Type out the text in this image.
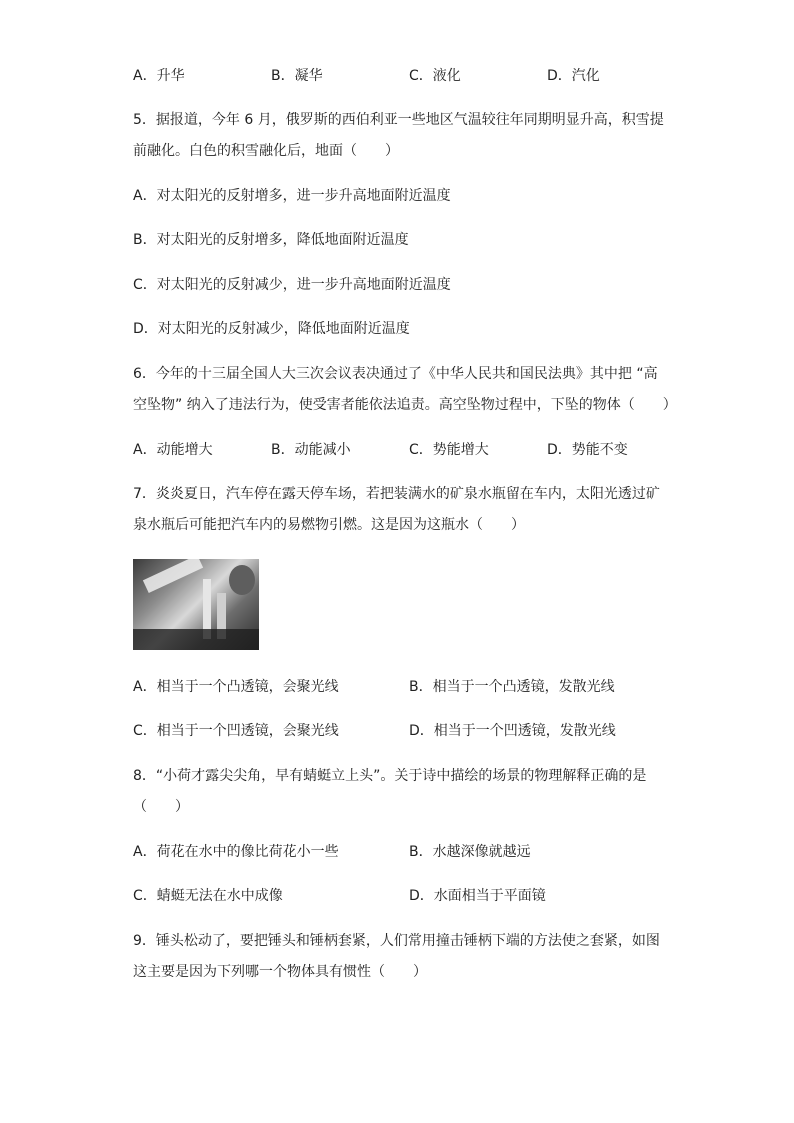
A．升华	B．凝华	C．液化	D．汽化
5．据报道，今年 6 月，俄罗斯的西伯利亚一些地区气温较往年同期明显升高，积雪提
前融化。白色的积雪融化后，地面（　　）
A．对太阳光的反射增多，进一步升高地面附近温度
B．对太阳光的反射增多，降低地面附近温度
C．对太阳光的反射减少，进一步升高地面附近温度
D．对太阳光的反射减少，降低地面附近温度
6．今年的十三届全国人大三次会议表决通过了《中华人民共和国民法典》其中把 “高
空坠物” 纳入了违法行为，使受害者能依法追责。高空坠物过程中，下坠的物体（　　）
A．动能增大	B．动能减小	C．势能增大	D．势能不变
7．炎炎夏日，汽车停在露天停车场，若把装满水的矿泉水瓶留在车内，太阳光透过矿
泉水瓶后可能把汽车内的易燃物引燃。这是因为这瓶水（　　）
A．相当于一个凸透镜，会聚光线	B．相当于一个凸透镜，发散光线
C．相当于一个凹透镜，会聚光线	D．相当于一个凹透镜，发散光线
8．“小荷才露尖尖角，早有蜻蜓立上头”。关于诗中描绘的场景的物理解释正确的是
（　　）
A．荷花在水中的像比荷花小一些	B．水越深像就越远
C．蜻蜓无法在水中成像	D．水面相当于平面镜
9．锤头松动了，要把锤头和锤柄套紧，人们常用撞击锤柄下端的方法使之套紧，如图
这主要是因为下列哪一个物体具有惯性（　　）
